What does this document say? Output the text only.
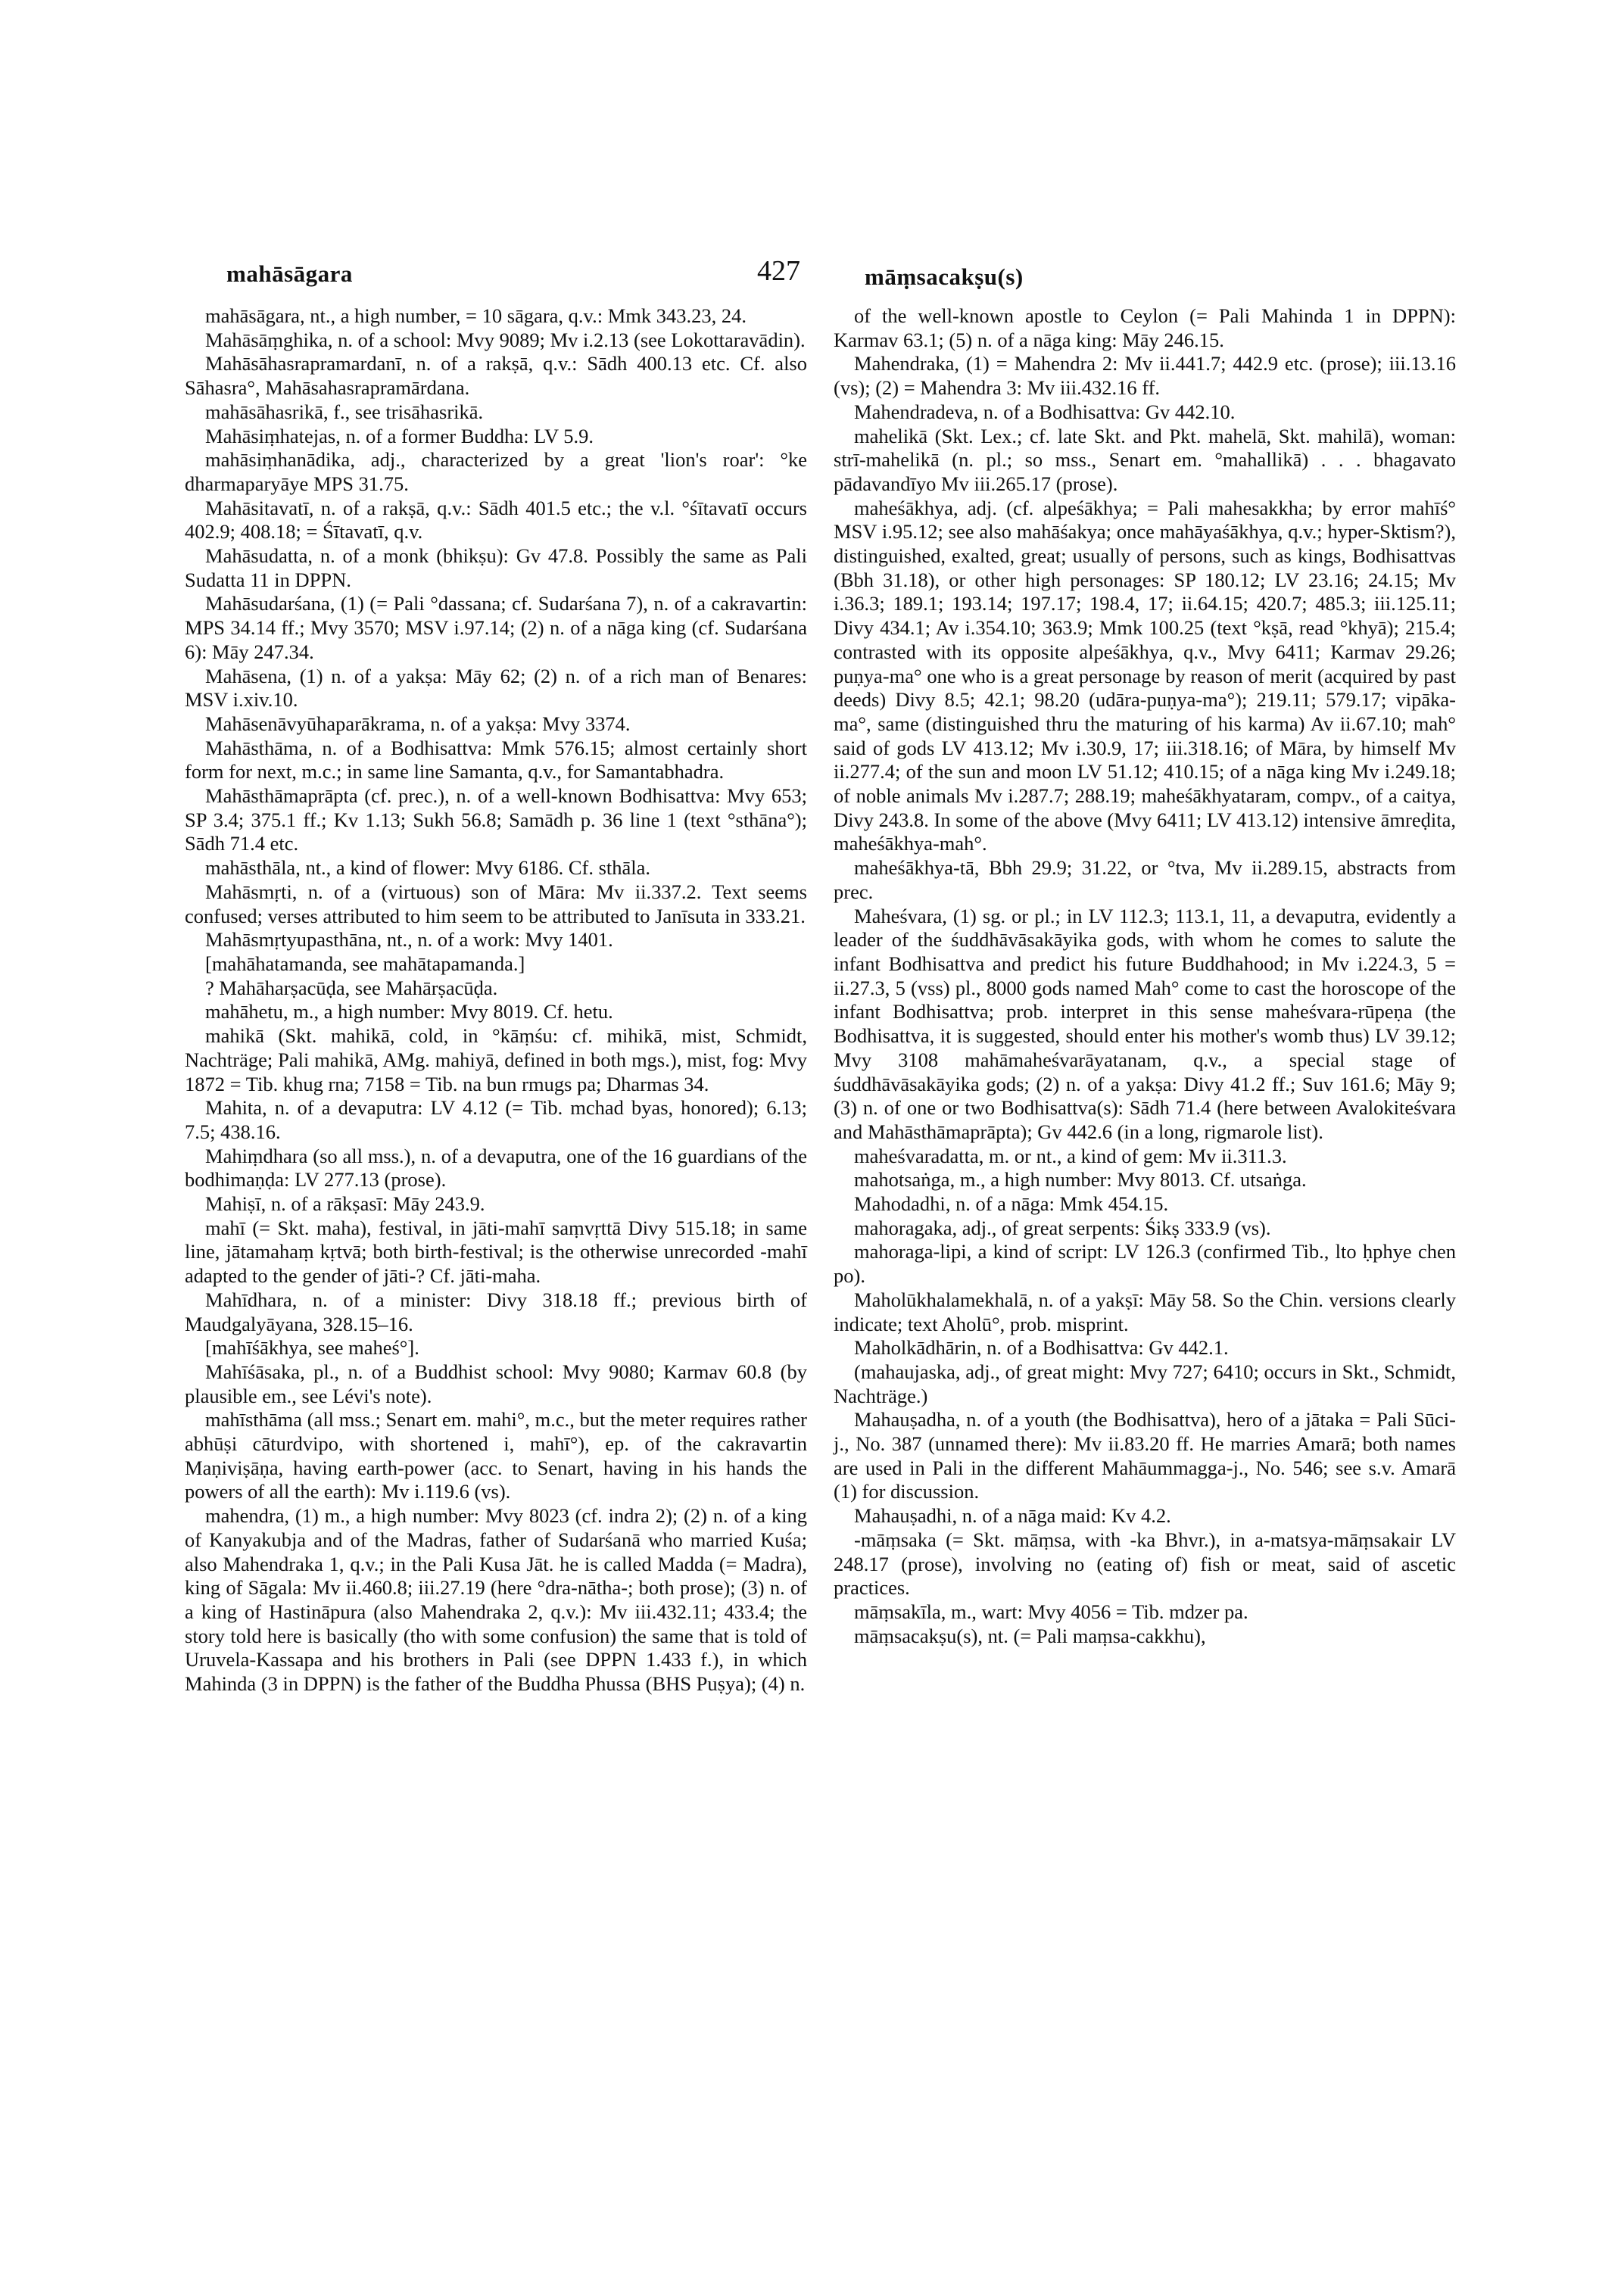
mahāsāgara	427	māṃsacakṣu(s)

mahāsāgara, nt., a high number, = 10 sāgara, q.v.: Mmk 343.23, 24.

Mahāsāṃghika, n. of a school: Mvy 9089; Mv i.2.13 (see Lokottaravādin).

Mahāsāhasrapramardanī, n. of a rakṣā, q.v.: Sādh 400.13 etc. Cf. also Sāhasra°, Mahāsahasrapramārdana.

mahāsāhasrikā, f., see trisāhasrikā.

Mahāsiṃhatejas, n. of a former Buddha: LV 5.9.

mahāsiṃhanādika, adj., characterized by a great 'lion's roar': °ke dharmaparyāye MPS 31.75.

Mahāsitavatī, n. of a rakṣā, q.v.: Sādh 401.5 etc.; the v.l. °śītavatī occurs 402.9; 408.18; = Śītavatī, q.v.

Mahāsudatta, n. of a monk (bhikṣu): Gv 47.8. Possibly the same as Pali Sudatta 11 in DPPN.

Mahāsudarśana, (1) (= Pali °dassana; cf. Sudarśana 7), n. of a cakravartin: MPS 34.14 ff.; Mvy 3570; MSV i.97.14; (2) n. of a nāga king (cf. Sudarśana 6): Māy 247.34.

Mahāsena, (1) n. of a yakṣa: Māy 62; (2) n. of a rich man of Benares: MSV i.xiv.10.

Mahāsenāvyūhaparākrama, n. of a yakṣa: Mvy 3374.

Mahāsthāma, n. of a Bodhisattva: Mmk 576.15; almost certainly short form for next, m.c.; in same line Samanta, q.v., for Samantabhadra.

Mahāsthāmaprāpta (cf. prec.), n. of a well-known Bodhisattva: Mvy 653; SP 3.4; 375.1 ff.; Kv 1.13; Sukh 56.8; Samādh p. 36 line 1 (text °sthāna°); Sādh 71.4 etc.

mahāsthāla, nt., a kind of flower: Mvy 6186. Cf. sthāla.

Mahāsmṛti, n. of a (virtuous) son of Māra: Mv ii.337.2. Text seems confused; verses attributed to him seem to be attributed to Janīsuta in 333.21.

Mahāsmṛtyupasthāna, nt., n. of a work: Mvy 1401.

[mahāhatamanda, see mahātapamanda.]

? Mahāharṣacūḍa, see Mahārṣacūḍa.

mahāhetu, m., a high number: Mvy 8019. Cf. hetu.

mahikā (Skt. mahikā, cold, in °kāṃśu: cf. mihikā, mist, Schmidt, Nachträge; Pali mahikā, AMg. mahiyā, defined in both mgs.), mist, fog: Mvy 1872 = Tib. khug rna; 7158 = Tib. na bun rmugs pa; Dharmas 34.

Mahita, n. of a devaputra: LV 4.12 (= Tib. mchad byas, honored); 6.13; 7.5; 438.16.

Mahiṃdhara (so all mss.), n. of a devaputra, one of the 16 guardians of the bodhimaṇḍa: LV 277.13 (prose).

Mahiṣī, n. of a rākṣasī: Māy 243.9.

mahī (= Skt. maha), festival, in jāti-mahī saṃvṛttā Divy 515.18; in same line, jātamahaṃ kṛtvā; both birth-festival; is the otherwise unrecorded -mahī adapted to the gender of jāti-? Cf. jāti-maha.

Mahīdhara, n. of a minister: Divy 318.18 ff.; previous birth of Maudgalyāyana, 328.15–16.

[mahīśākhya, see maheś°].

Mahīśāsaka, pl., n. of a Buddhist school: Mvy 9080; Karmav 60.8 (by plausible em., see Lévi's note).

mahīsthāma (all mss.; Senart em. mahi°, m.c., but the meter requires rather abhūṣi cāturdvipo, with shortened i, mahī°), ep. of the cakravartin Maṇiviṣāṇa, having earth-power (acc. to Senart, having in his hands the powers of all the earth): Mv i.119.6 (vs).

mahendra, (1) m., a high number: Mvy 8023 (cf. indra 2); (2) n. of a king of Kanyakubja and of the Madras, father of Sudarśanā who married Kuśa; also Mahendraka 1, q.v.; in the Pali Kusa Jāt. he is called Madda (= Madra), king of Sāgala: Mv ii.460.8; iii.27.19 (here °dra-nātha-; both prose); (3) n. of a king of Hastināpura (also Mahendraka 2, q.v.): Mv iii.432.11; 433.4; the story told here is basically (tho with some confusion) the same that is told of Uruvela-Kassapa and his brothers in Pali (see DPPN 1.433 f.), in which Mahinda (3 in DPPN) is the father of the Buddha Phussa (BHS Puṣya); (4) n.

of the well-known apostle to Ceylon (= Pali Mahinda 1 in DPPN): Karmav 63.1; (5) n. of a nāga king: Māy 246.15.

Mahendraka, (1) = Mahendra 2: Mv ii.441.7; 442.9 etc. (prose); iii.13.16 (vs); (2) = Mahendra 3: Mv iii.432.16 ff.

Mahendradeva, n. of a Bodhisattva: Gv 442.10.

mahelikā (Skt. Lex.; cf. late Skt. and Pkt. mahelā, Skt. mahilā), woman: strī-mahelikā (n. pl.; so mss., Senart em. °mahallikā) . . . bhagavato pādavandīyo Mv iii.265.17 (prose).

maheśākhya, adj. (cf. alpeśākhya; = Pali mahesakkha; by error mahīś° MSV i.95.12; see also mahāśakya; once mahāyaśākhya, q.v.; hyper-Sktism?), distinguished, exalted, great; usually of persons, such as kings, Bodhisattvas (Bbh 31.18), or other high personages: SP 180.12; LV 23.16; 24.15; Mv i.36.3; 189.1; 193.14; 197.17; 198.4, 17; ii.64.15; 420.7; 485.3; iii.125.11; Divy 434.1; Av i.354.10; 363.9; Mmk 100.25 (text °kṣā, read °khyā); 215.4; contrasted with its opposite alpeśākhya, q.v., Mvy 6411; Karmav 29.26; puṇya-ma° one who is a great personage by reason of merit (acquired by past deeds) Divy 8.5; 42.1; 98.20 (udāra-puṇya-ma°); 219.11; 579.17; vipāka-ma°, same (distinguished thru the maturing of his karma) Av ii.67.10; mah° said of gods LV 413.12; Mv i.30.9, 17; iii.318.16; of Māra, by himself Mv ii.277.4; of the sun and moon LV 51.12; 410.15; of a nāga king Mv i.249.18; of noble animals Mv i.287.7; 288.19; maheśākhyataram, compv., of a caitya, Divy 243.8. In some of the above (Mvy 6411; LV 413.12) intensive āmreḍita, maheśākhya-mah°.

maheśākhya-tā, Bbh 29.9; 31.22, or °tva, Mv ii.289.15, abstracts from prec.

Maheśvara, (1) sg. or pl.; in LV 112.3; 113.1, 11, a devaputra, evidently a leader of the śuddhāvāsakāyika gods, with whom he comes to salute the infant Bodhisattva and predict his future Buddhahood; in Mv i.224.3, 5 = ii.27.3, 5 (vss) pl., 8000 gods named Mah° come to cast the horoscope of the infant Bodhisattva; prob. interpret in this sense maheśvara-rūpeṇa (the Bodhisattva, it is suggested, should enter his mother's womb thus) LV 39.12; Mvy 3108 mahāmaheśvarāyatanam, q.v., a special stage of śuddhāvāsakāyika gods; (2) n. of a yakṣa: Divy 41.2 ff.; Suv 161.6; Māy 9; (3) n. of one or two Bodhisattva(s): Sādh 71.4 (here between Avalokiteśvara and Mahāsthāmaprāpta); Gv 442.6 (in a long, rigmarole list).

maheśvaradatta, m. or nt., a kind of gem: Mv ii.311.3.

mahotsaṅga, m., a high number: Mvy 8013. Cf. utsaṅga.

Mahodadhi, n. of a nāga: Mmk 454.15.

mahoragaka, adj., of great serpents: Śikṣ 333.9 (vs).

mahoraga-lipi, a kind of script: LV 126.3 (confirmed Tib., lto ḥphye chen po).

Maholūkhalamekhalā, n. of a yakṣī: Māy 58. So the Chin. versions clearly indicate; text Aholū°, prob. misprint.

Maholkādhārin, n. of a Bodhisattva: Gv 442.1.

(mahaujaska, adj., of great might: Mvy 727; 6410; occurs in Skt., Schmidt, Nachträge.)

Mahauṣadha, n. of a youth (the Bodhisattva), hero of a jātaka = Pali Sūci-j., No. 387 (unnamed there): Mv ii.83.20 ff. He marries Amarā; both names are used in Pali in the different Mahāummagga-j., No. 546; see s.v. Amarā (1) for discussion.

Mahauṣadhi, n. of a nāga maid: Kv 4.2.

-māṃsaka (= Skt. māṃsa, with -ka Bhvr.), in a-matsya-māṃsakair LV 248.17 (prose), involving no (eating of) fish or meat, said of ascetic practices.

māṃsakīla, m., wart: Mvy 4056 = Tib. mdzer pa.

māṃsacakṣu(s), nt. (= Pali maṃsa-cakkhu),
